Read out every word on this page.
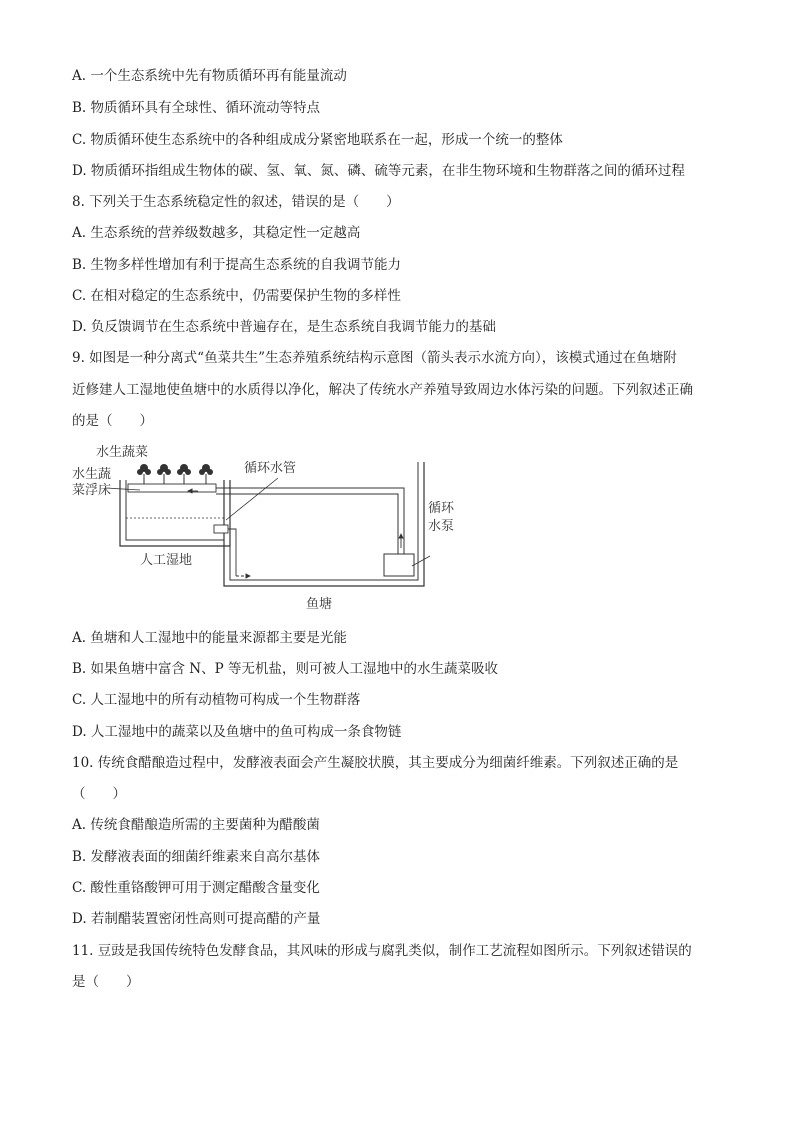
A. 一个生态系统中先有物质循环再有能量流动
B. 物质循环具有全球性、循环流动等特点
C. 物质循环使生态系统中的各种组成成分紧密地联系在一起，形成一个统一的整体
D. 物质循环指组成生物体的碳、氢、氧、氮、磷、硫等元素，在非生物环境和生物群落之间的循环过程
8. 下列关于生态系统稳定性的叙述，错误的是（　　）
A. 生态系统的营养级数越多，其稳定性一定越高
B. 生物多样性增加有利于提高生态系统的自我调节能力
C. 在相对稳定的生态系统中，仍需要保护生物的多样性
D. 负反馈调节在生态系统中普遍存在，是生态系统自我调节能力的基础
9. 如图是一种分离式“鱼菜共生”生态养殖系统结构示意图（箭头表示水流方向），该模式通过在鱼塘附
近修建人工湿地使鱼塘中的水质得以净化，解决了传统水产养殖导致周边水体污染的问题。下列叙述正确
的是（　　）
水生蔬菜
水生蔬
菜浮床
循环水管
循环
水泵
人工湿地
鱼塘
A. 鱼塘和人工湿地中的能量来源都主要是光能
B. 如果鱼塘中富含 N、P 等无机盐，则可被人工湿地中的水生蔬菜吸收
C. 人工湿地中的所有动植物可构成一个生物群落
D. 人工湿地中的蔬菜以及鱼塘中的鱼可构成一条食物链
10. 传统食醋酿造过程中，发酵液表面会产生凝胶状膜，其主要成分为细菌纤维素。下列叙述正确的是
（　　）
A. 传统食醋酿造所需的主要菌种为醋酸菌
B. 发酵液表面的细菌纤维素来自高尔基体
C. 酸性重铬酸钾可用于测定醋酸含量变化
D. 若制醋装置密闭性高则可提高醋的产量
11. 豆豉是我国传统特色发酵食品，其风味的形成与腐乳类似，制作工艺流程如图所示。下列叙述错误的
是（　　）
